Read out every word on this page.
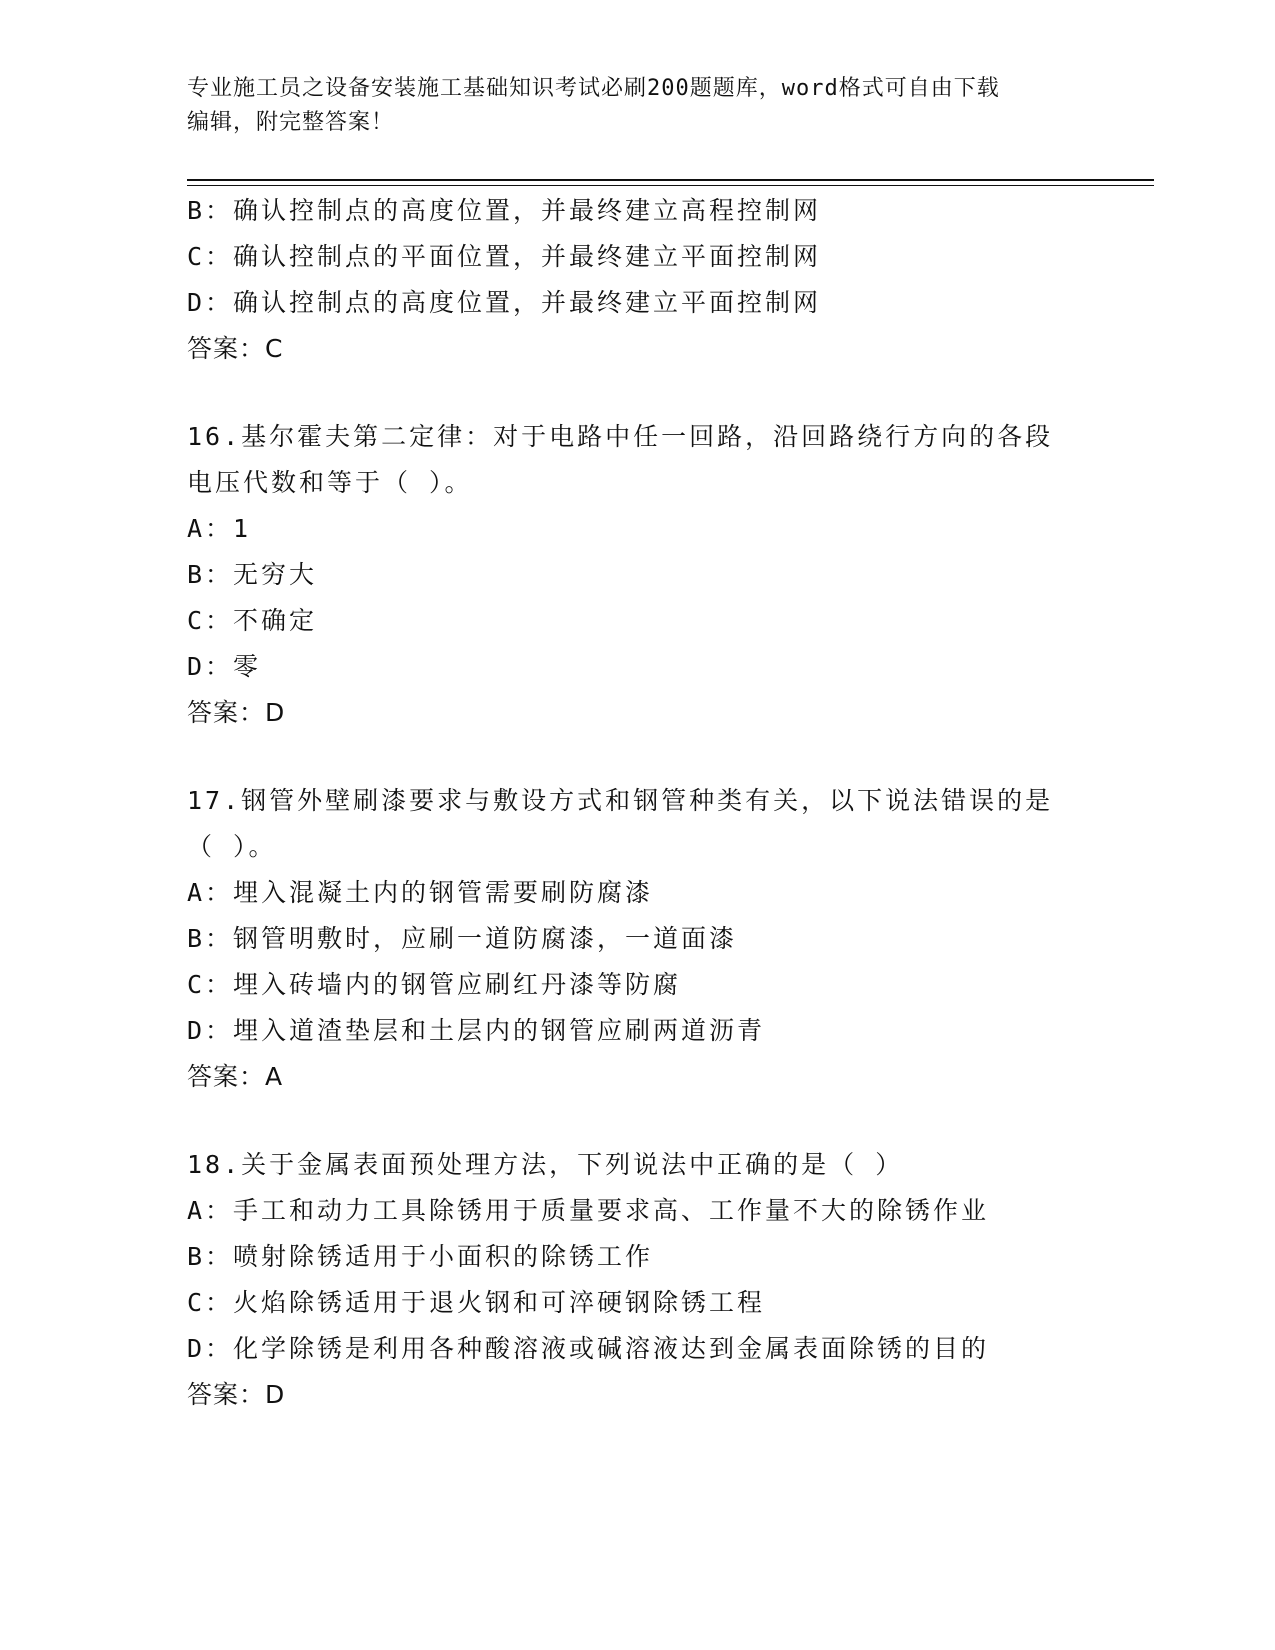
专业施工员之设备安装施工基础知识考试必刷200题题库，word格式可自由下载
编辑，附完整答案！
B：确认控制点的高度位置，并最终建立高程控制网
C：确认控制点的平面位置，并最终建立平面控制网
D：确认控制点的高度位置，并最终建立平面控制网
答案：C
16.基尔霍夫第二定律：对于电路中任一回路，沿回路绕行方向的各段
电压代数和等于（ ）。
A：1
B：无穷大
C：不确定
D：零
答案：D
17.钢管外壁刷漆要求与敷设方式和钢管种类有关，以下说法错误的是
（ ）。
A：埋入混凝土内的钢管需要刷防腐漆
B：钢管明敷时，应刷一道防腐漆，一道面漆
C：埋入砖墙内的钢管应刷红丹漆等防腐
D：埋入道渣垫层和土层内的钢管应刷两道沥青
答案：A
18.关于金属表面预处理方法，下列说法中正确的是（ ）
A：手工和动力工具除锈用于质量要求高、工作量不大的除锈作业
B：喷射除锈适用于小面积的除锈工作
C：火焰除锈适用于退火钢和可淬硬钢除锈工程
D：化学除锈是利用各种酸溶液或碱溶液达到金属表面除锈的目的
答案：D
